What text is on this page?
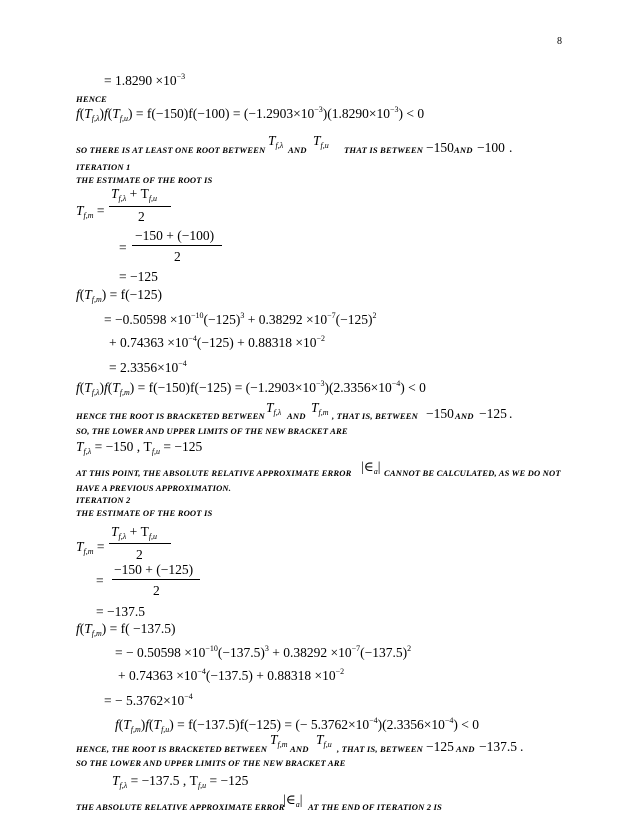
8
= $1.8290 \times 10^{-3}$
HENCE
$f(T_{f,\lambda})f(T_{f,u}) = f(-150)f(-100) = (-1.2903\times 10^{-3})(1.8290\times 10^{-3}) < 0$
SO THERE IS AT LEAST ONE ROOT BETWEEN
$T_{f,\lambda}$ AND
$T_{f,u}$ THAT IS BETWEEN −150 AND −100 .
ITERATION 1
THE ESTIMATE OF THE ROOT IS
$T_{f,m}$ =
$T_{f,\lambda} + T_{f,u}$
2
=
−150 + (−100)
2
= −125
$f(T_{f,m}) = f(-125)$
= $-0.50598 \times 10^{-10}(-125)^3 + 0.38292 \times 10^{-7}(-125)^2$
+ $0.74363 \times 10^{-4}(-125) + 0.88318 \times 10^{-2}$
= $2.3356\times 10^{-4}$
$f(T_{f,\lambda})f(T_{f,m}) = f(-150)f(-125) = (-1.2903\times 10^{-3})(2.3356\times 10^{-4}) < 0$
HENCE THE ROOT IS BRACKETED BETWEEN
$T_{f,\lambda}$ AND
$T_{f,m}$ , THAT IS, BETWEEN −150 AND −125 .
SO, THE LOWER AND UPPER LIMITS OF THE NEW BRACKET ARE
$T_{f,\lambda} = -150$ , $T_{f,u} = -125$
AT THIS POINT, THE ABSOLUTE RELATIVE APPROXIMATE ERROR $|\in_a|$ CANNOT BE CALCULATED, AS WE DO NOT
HAVE A PREVIOUS APPROXIMATION.
ITERATION 2
THE ESTIMATE OF THE ROOT IS
$T_{f,m}$ =
$T_{f,\lambda} + T_{f,u}$
2
=
−150 + (−125)
2
= −137.5
$f(T_{f,m}) = f( -137.5)$
= − $0.50598 \times 10^{-10}(-137.5)^3 + 0.38292 \times 10^{-7}(-137.5)^2$
+ $0.74363 \times 10^{-4}(-137.5) + 0.88318 \times 10^{-2}$
= − $5.3762\times 10^{-4}$
$f(T_{f,m})f(T_{f,u}) = f(-137.5)f(-125)$ = (− $5.3762\times 10^{-4})(2.3356\times 10^{-4}) < 0$
HENCE, THE ROOT IS BRACKETED BETWEEN
$T_{f,m}$ AND
$T_{f,u}$ , THAT IS, BETWEEN −125 AND −137.5 .
SO THE LOWER AND UPPER LIMITS OF THE NEW BRACKET ARE
$T_{f,\lambda} = -137.5$ , $T_{f,u} = -125$
THE ABSOLUTE RELATIVE APPROXIMATE ERROR
$|\in_a|$ AT THE END OF ITERATION 2 IS
